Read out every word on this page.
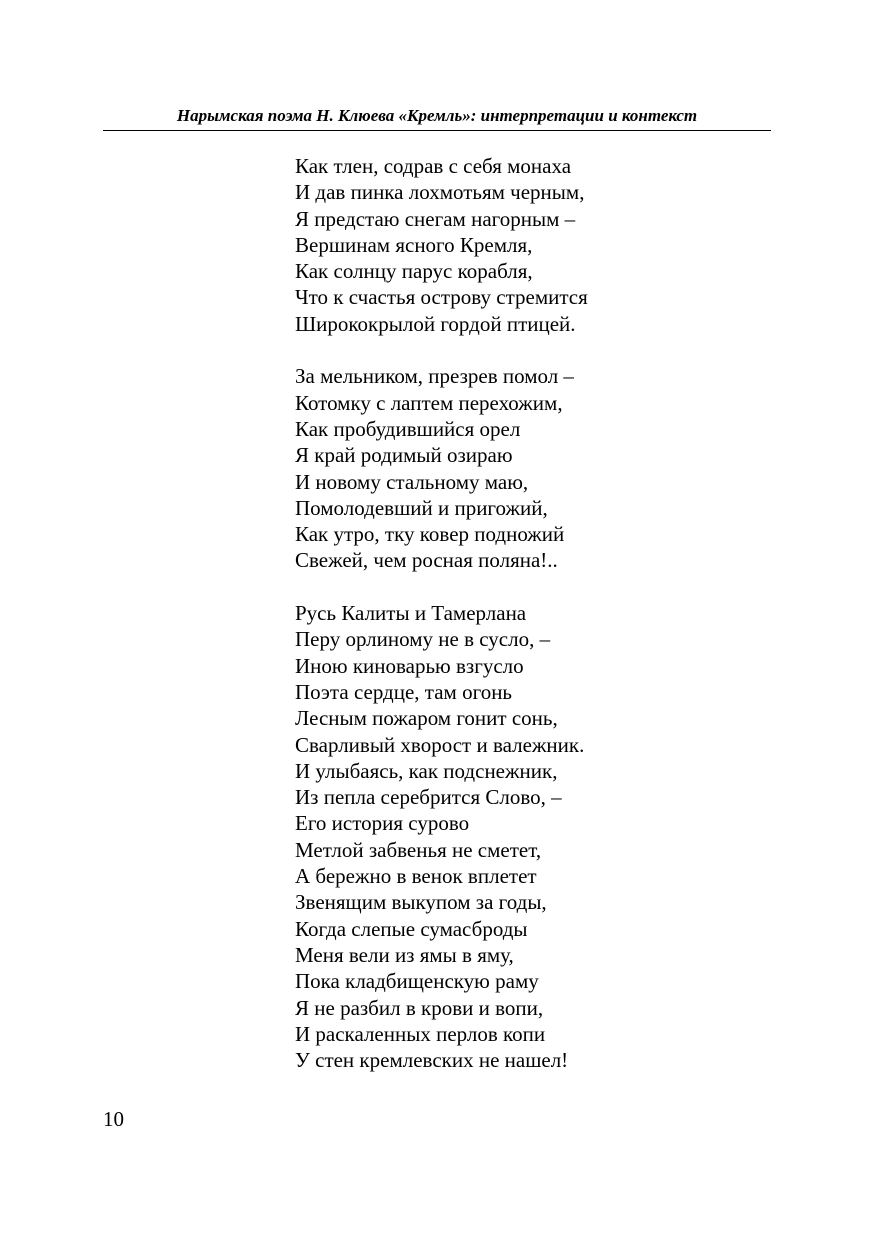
Нарымская поэма Н. Клюева «Кремль»: интерпретации и контекст
Как тлен, содрав с себя монаха
И дав пинка лохмотьям черным,
Я предстаю снегам нагорным –
Вершинам ясного Кремля,
Как солнцу парус корабля,
Что к счастья острову стремится
Ширококрылой гордой птицей.
За мельником, презрев помол –
Котомку с лаптем перехожим,
Как пробудившийся орел
Я край родимый озираю
И новому стальному маю,
Помолодевший и пригожий,
Как утро, тку ковер подножий
Свежей, чем росная поляна!..
Русь Калиты и Тамерлана
Перу орлиному не в сусло, –
Иною киноварью взгусло
Поэта сердце, там огонь
Лесным пожаром гонит сонь,
Сварливый хворост и валежник.
И улыбаясь, как подснежник,
Из пепла серебрится Слово, –
Его история сурово
Метлой забвенья не сметет,
А бережно в венок вплетет
Звенящим выкупом за годы,
Когда слепые сумасброды
Меня вели из ямы в яму,
Пока кладбищенскую раму
Я не разбил в крови и вопи,
И раскаленных перлов копи
У стен кремлевских не нашел!
10
